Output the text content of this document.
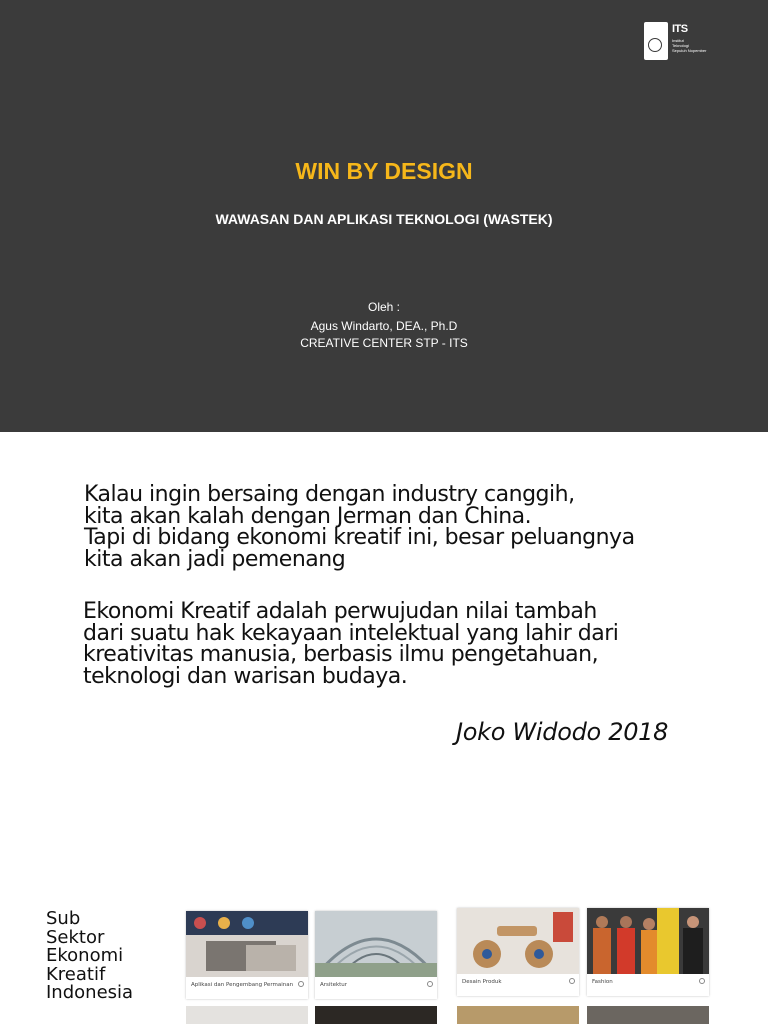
ITS
Institut
Teknologi
Sepuluh Nopember
WIN BY DESIGN
WAWASAN DAN APLIKASI TEKNOLOGI (WASTEK)
Oleh :
Agus Windarto, DEA., Ph.D
CREATIVE CENTER STP - ITS
Kalau ingin bersaing dengan industry canggih,
kita akan kalah dengan Jerman dan China.
Tapi di bidang ekonomi kreatif ini, besar peluangnya
kita akan jadi pemenang
Ekonomi Kreatif adalah perwujudan nilai tambah
dari suatu hak kekayaan intelektual yang lahir dari
kreativitas manusia, berbasis ilmu pengetahuan,
teknologi dan warisan budaya.
Joko Widodo 2018
Sub
Sektor
Ekonomi
Kreatif
Indonesia	Aplikasi dan Pengembang Permainan	Arsitektur	Desain Produk	Fashion
